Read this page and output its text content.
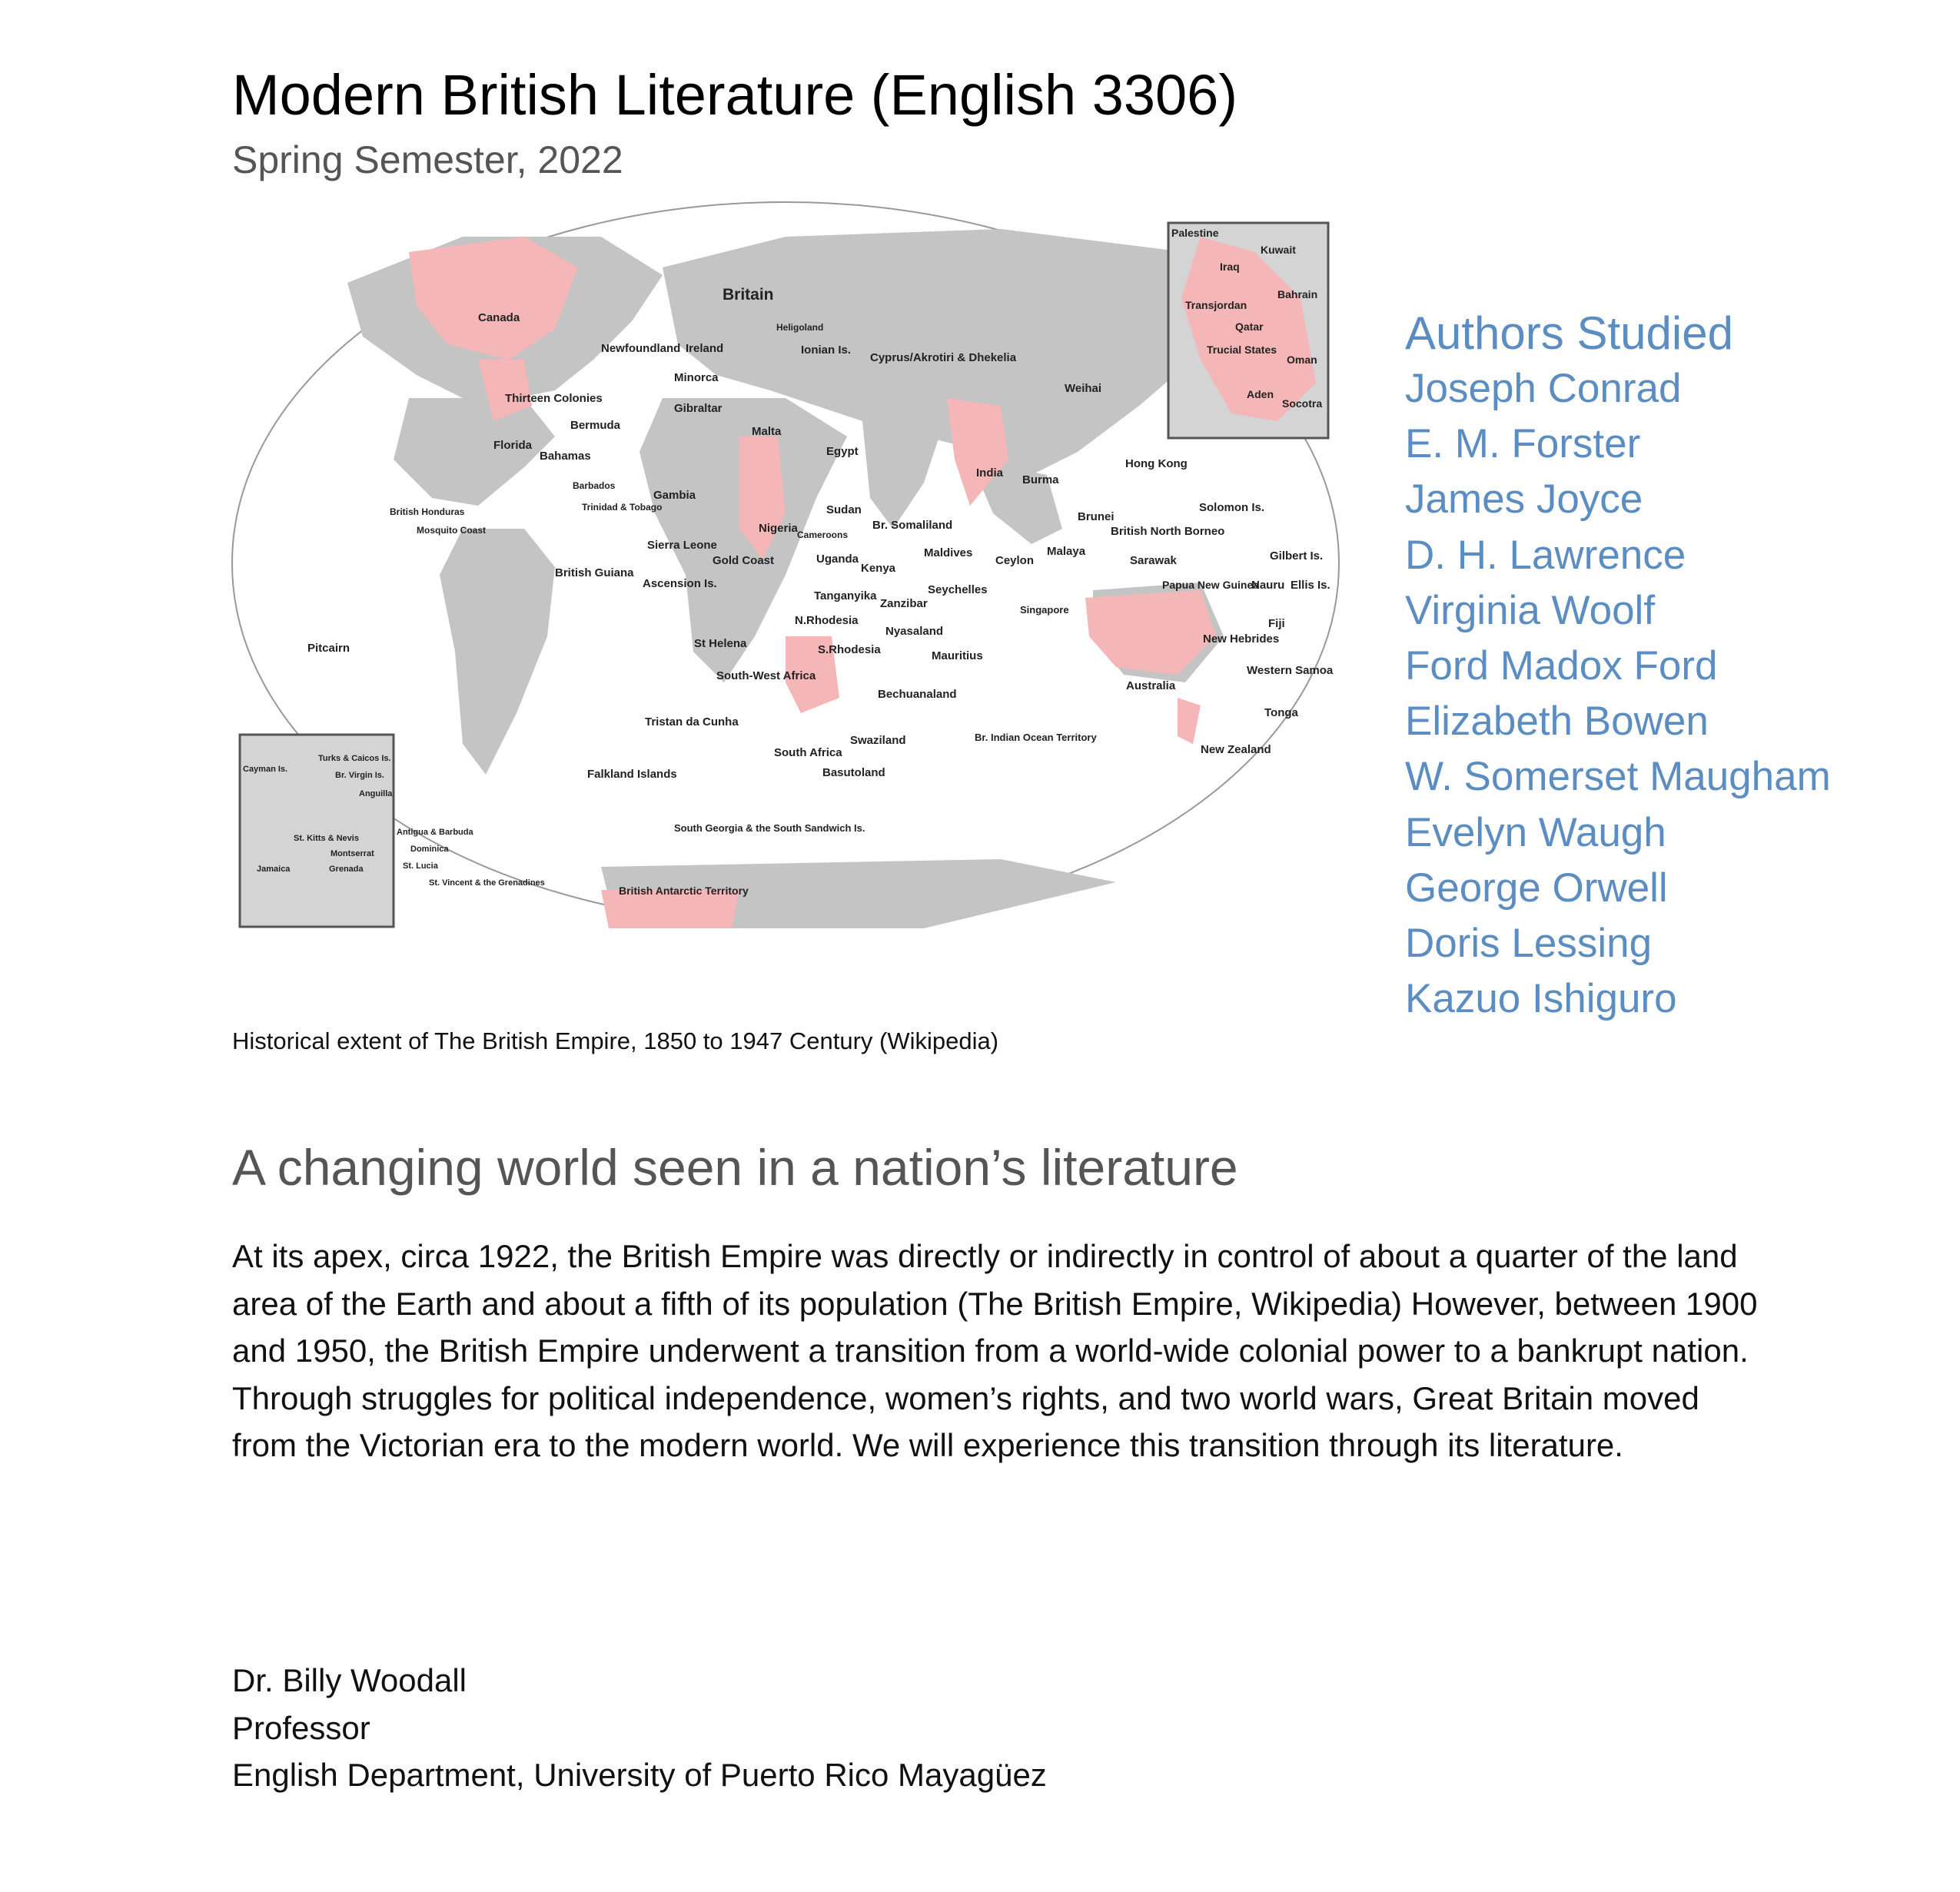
Modern British Literature (English 3306)
Spring Semester, 2022
Canada
Newfoundland Ireland
Britain
Heligoland
Ionian Is.
Cyprus/Akrotiri & Dhekelia
Minorca
Gibraltar
Malta
Thirteen Colonies
Bermuda
Florida
Bahamas
Barbados
Trinidad & Tobago
British Honduras
Mosquito Coast
Gambia
Sierra Leone
Gold Coast
Nigeria Cameroons
Egypt
Sudan
Br. Somaliland
Uganda
Kenya
Tanganyika
Zanzibar
Seychelles
Maldives
Ceylon
India
Burma
Malaya
Singapore
Brunei
British North Borneo
Sarawak
Hong Kong
Weihai
Solomon Is.
Gilbert Is.
Nauru Ellis Is.
Fiji
New Hebrides
Western Samoa
Tonga
Papua New Guinea
Australia
New Zealand
Pitcairn
British Guiana
Ascension Is.
St Helena
South-West Africa
N.Rhodesia
S.Rhodesia
Nyasaland
Mauritius
Bechuanaland
Tristan da Cunha
South Africa
Swaziland
Basutoland
Br. Indian Ocean Territory
Falkland Islands
South Georgia & the South Sandwich Is.
British Antarctic Territory
Palestine
Iraq
Kuwait
Transjordan
Bahrain
Qatar
Trucial States
Oman
Aden
Socotra
Turks & Caicos Is.
Cayman Is.
Br. Virgin Is.
Anguilla
Antigua & Barbuda
St. Kitts & Nevis
Montserrat	Dominica
St. Lucia
Jamaica	Grenada
St. Vincent & the Grenadines
Historical extent of The British Empire, 1850 to 1947 Century (Wikipedia)
Authors Studied
Joseph Conrad
E. M. Forster
James Joyce
D. H. Lawrence
Virginia Woolf
Ford Madox Ford
Elizabeth Bowen
W. Somerset Maugham
Evelyn Waugh
George Orwell
Doris Lessing
Kazuo Ishiguro
A changing world seen in a nation’s literature

At its apex, circa 1922, the British Empire was directly or indirectly in control of about a quarter of the land area of the Earth and about a fifth of its population (The British Empire, Wikipedia) However, between 1900 and 1950, the British Empire underwent a transition from a world-wide colonial power to a bankrupt nation. Through struggles for political independence, women’s rights, and two world wars, Great Britain moved from the Victorian era to the modern world. We will experience this transition through its literature.

Dr. Billy Woodall
Professor
English Department, University of Puerto Rico Mayagüez
